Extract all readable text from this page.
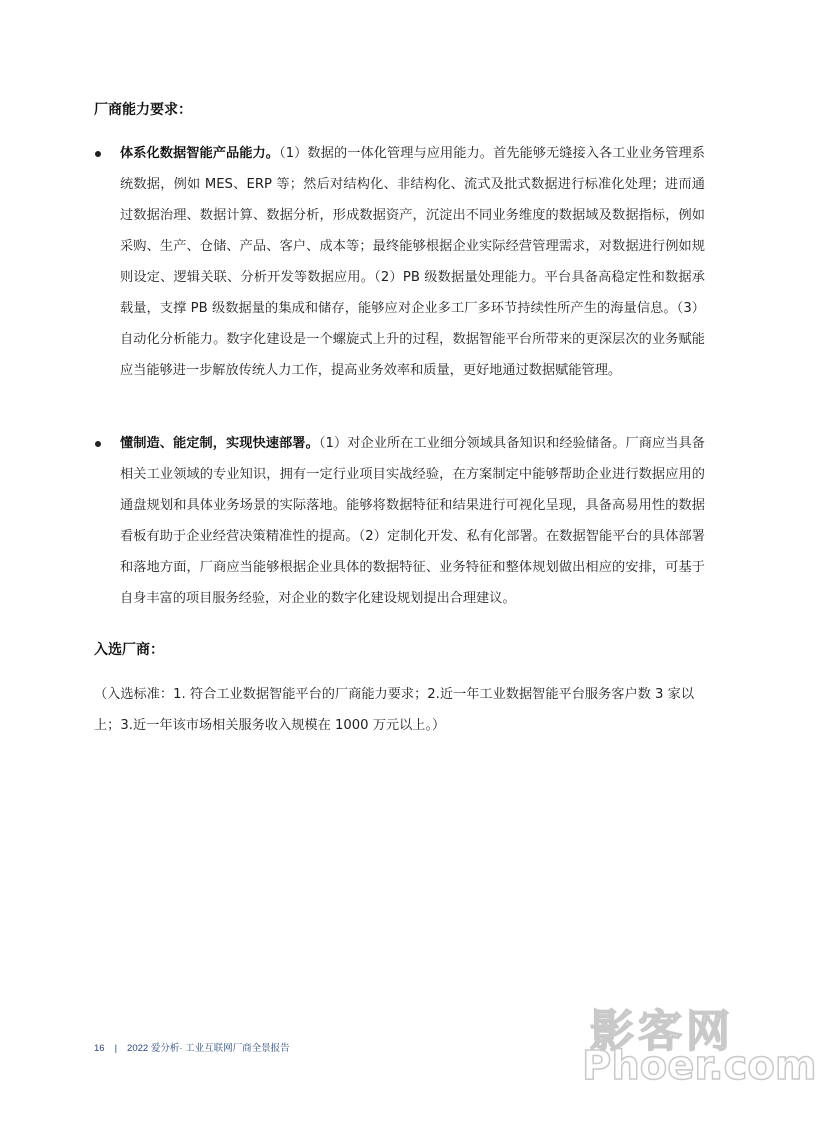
厂商能力要求：
体系化数据智能产品能力。（1）数据的一体化管理与应用能力。首先能够无缝接入各工业业务管理系统数据，例如 MES、ERP 等；然后对结构化、非结构化、流式及批式数据进行标准化处理；进而通过数据治理、数据计算、数据分析，形成数据资产，沉淀出不同业务维度的数据域及数据指标，例如采购、生产、仓储、产品、客户、成本等；最终能够根据企业实际经营管理需求，对数据进行例如规则设定、逻辑关联、分析开发等数据应用。（2）PB 级数据量处理能力。平台具备高稳定性和数据承载量，支撑 PB 级数据量的集成和储存，能够应对企业多工厂多环节持续性所产生的海量信息。（3）自动化分析能力。数字化建设是一个螺旋式上升的过程，数据智能平台所带来的更深层次的业务赋能应当能够进一步解放传统人力工作，提高业务效率和质量，更好地通过数据赋能管理。
懂制造、能定制，实现快速部署。（1）对企业所在工业细分领域具备知识和经验储备。厂商应当具备相关工业领域的专业知识，拥有一定行业项目实战经验，在方案制定中能够帮助企业进行数据应用的通盘规划和具体业务场景的实际落地。能够将数据特征和结果进行可视化呈现，具备高易用性的数据看板有助于企业经营决策精准性的提高。（2）定制化开发、私有化部署。在数据智能平台的具体部署和落地方面，厂商应当能够根据企业具体的数据特征、业务特征和整体规划做出相应的安排，可基于自身丰富的项目服务经验，对企业的数字化建设规划提出合理建议。
入选厂商：
（入选标准：1. 符合工业数据智能平台的厂商能力要求；2.近一年工业数据智能平台服务客户数 3 家以上；3.近一年该市场相关服务收入规模在 1000 万元以上。）
16 | 2022 爱分析· 工业互联网厂商全景报告	影客网
Phoer.com
